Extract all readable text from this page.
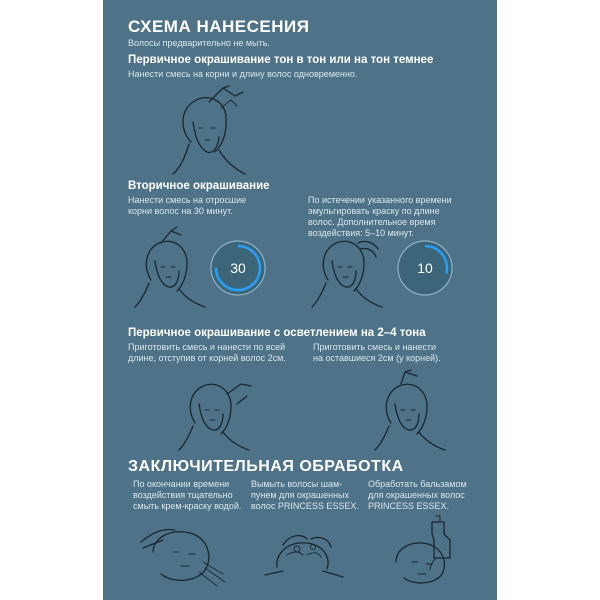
СХЕМА НАНЕСЕНИЯ
Волосы предварительно не мыть.
Первичное окрашивание тон в тон или на тон темнее
Нанести смесь на корни и длину волос одновременно.
Вторичное окрашивание
Нанести смесь на отросшие
корни волос на 30 минут.
По истечении указанного времени
эмульгировать краску по длине
волос. Дополнительное время
воздействия: 5–10 минут.
30	10
Первичное окрашивание с осветлением на 2–4 тона
Приготовить смесь и нанести по всей
длине, отступив от корней волос 2см.
Приготовить смесь и нанести
на оставшиеся 2см (у корней).
ЗАКЛЮЧИТЕЛЬНАЯ ОБРАБОТКА
По окончании времени
воздействия тщательно
смыть крем-краску водой.
Вымыть волосы шам-
пунем для окрашенных
волос PRINCESS ESSEX.
Обработать бальзамом
для окрашенных волос
PRINCESS ESSEX.
